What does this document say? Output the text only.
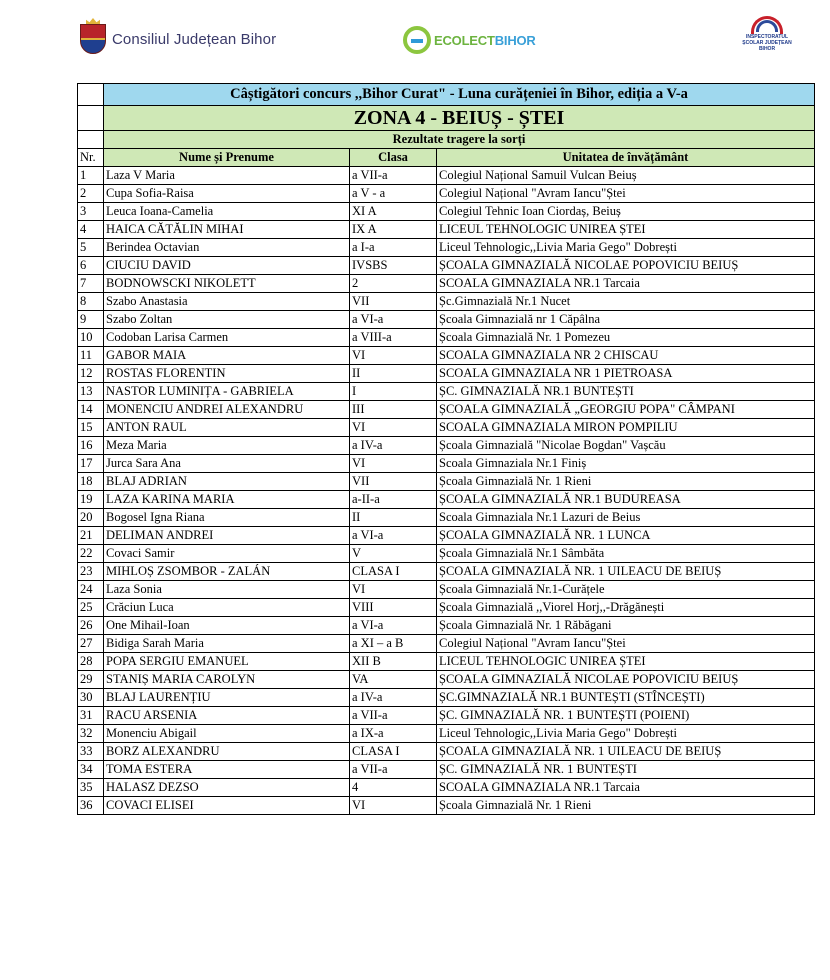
Consiliul Județean Bihor	ECOLECTBIHOR	INSPECTORATUL
ȘCOLAR JUDEȚEAN
BIHOR
	Câștigători concurs ,,Bihor Curat" - Luna curățeniei în Bihor, ediția a V-a		
	ZONA 4 - BEIUȘ - ȘTEI		
	Rezultate tragere la sorți		
Nr.	Nume și Prenume	Clasa	Unitatea de învățământ
1	Laza V Maria	a VII-a	Colegiul Național Samuil Vulcan Beiuș
2	Cupa Sofia-Raisa	a V - a	Colegiul Național "Avram Iancu"Ștei
3	Leuca Ioana-Camelia	XI A	Colegiul Tehnic Ioan Ciordaș, Beiuș
4	HAICA CĂTĂLIN MIHAI	IX A	LICEUL TEHNOLOGIC UNIREA ȘTEI
5	Berindea Octavian	a I-a	Liceul Tehnologic,,Livia Maria Gego" Dobrești
6	CIUCIU DAVID	IVSBS	ȘCOALA GIMNAZIALĂ NICOLAE POPOVICIU BEIUȘ
7	BODNOWSCKI NIKOLETT	2	SCOALA GIMNAZIALA NR.1 Tarcaia
8	Szabo Anastasia	VII	Șc.Gimnazială Nr.1 Nucet
9	Szabo Zoltan	a VI-a	Școala Gimnazială nr 1 Căpâlna
10	Codoban Larisa Carmen	a VIII-a	Școala Gimnazială Nr. 1 Pomezeu
11	GABOR MAIA	VI	SCOALA GIMNAZIALA NR 2 CHISCAU
12	ROSTAS FLORENTIN	II	SCOALA GIMNAZIALA NR 1 PIETROASA
13	NASTOR LUMINIȚA - GABRIELA	I	ȘC. GIMNAZIALĂ NR.1 BUNTEȘTI
14	MONENCIU ANDREI ALEXANDRU	III	ȘCOALA GIMNAZIALĂ „GEORGIU POPA" CÂMPANI
15	ANTON RAUL	VI	SCOALA GIMNAZIALA MIRON POMPILIU
16	Meza Maria	a IV-a	Școala Gimnazială "Nicolae Bogdan" Vașcău
17	Jurca Sara Ana	VI	Scoala Gimnaziala Nr.1 Finiș
18	BLAJ ADRIAN	VII	Școala Gimnazială Nr. 1 Rieni
19	LAZA KARINA MARIA	a-II-a	ȘCOALA GIMNAZIALĂ NR.1 BUDUREASA
20	Bogosel Igna Riana	II	Scoala Gimnaziala Nr.1 Lazuri de Beius
21	DELIMAN ANDREI	a VI-a	ȘCOALA GIMNAZIALĂ NR. 1 LUNCA
22	Covaci Samir	V	Școala Gimnazială Nr.1 Sâmbăta
23	MIHLOȘ ZSOMBOR - ZALÁN	CLASA I	ȘCOALA GIMNAZIALĂ NR. 1 UILEACU DE BEIUȘ
24	Laza Sonia	VI	Școala Gimnazială Nr.1-Curățele
25	Crăciun Luca	VIII	Școala Gimnazială ,,Viorel Horj,,-Drăgănești
26	One Mihail-Ioan	a VI-a	Școala Gimnazială Nr. 1 Răbăgani
27	Bidiga Sarah Maria	a XI – a B	Colegiul Național "Avram Iancu"Ștei
28	POPA SERGIU EMANUEL	XII B	LICEUL TEHNOLOGIC UNIREA ȘTEI
29	STANIȘ MARIA CAROLYN	VA	ȘCOALA GIMNAZIALĂ NICOLAE POPOVICIU BEIUȘ
30	BLAJ LAURENȚIU	a IV-a	ȘC.GIMNAZIALĂ NR.1 BUNTEȘTI (STÎNCEȘTI)
31	RACU ARSENIA	a VII-a	ȘC. GIMNAZIALĂ NR. 1 BUNTEȘTI (POIENI)
32	Monenciu Abigail	a IX-a	Liceul Tehnologic,,Livia Maria Gego" Dobrești
33	BORZ ALEXANDRU	CLASA I	ȘCOALA GIMNAZIALĂ NR. 1 UILEACU DE BEIUȘ
34	TOMA ESTERA	a VII-a	ȘC. GIMNAZIALĂ NR. 1 BUNTEȘTI
35	HALASZ DEZSO	4	SCOALA GIMNAZIALA NR.1 Tarcaia
36	COVACI ELISEI	VI	Școala Gimnazială Nr. 1 Rieni
